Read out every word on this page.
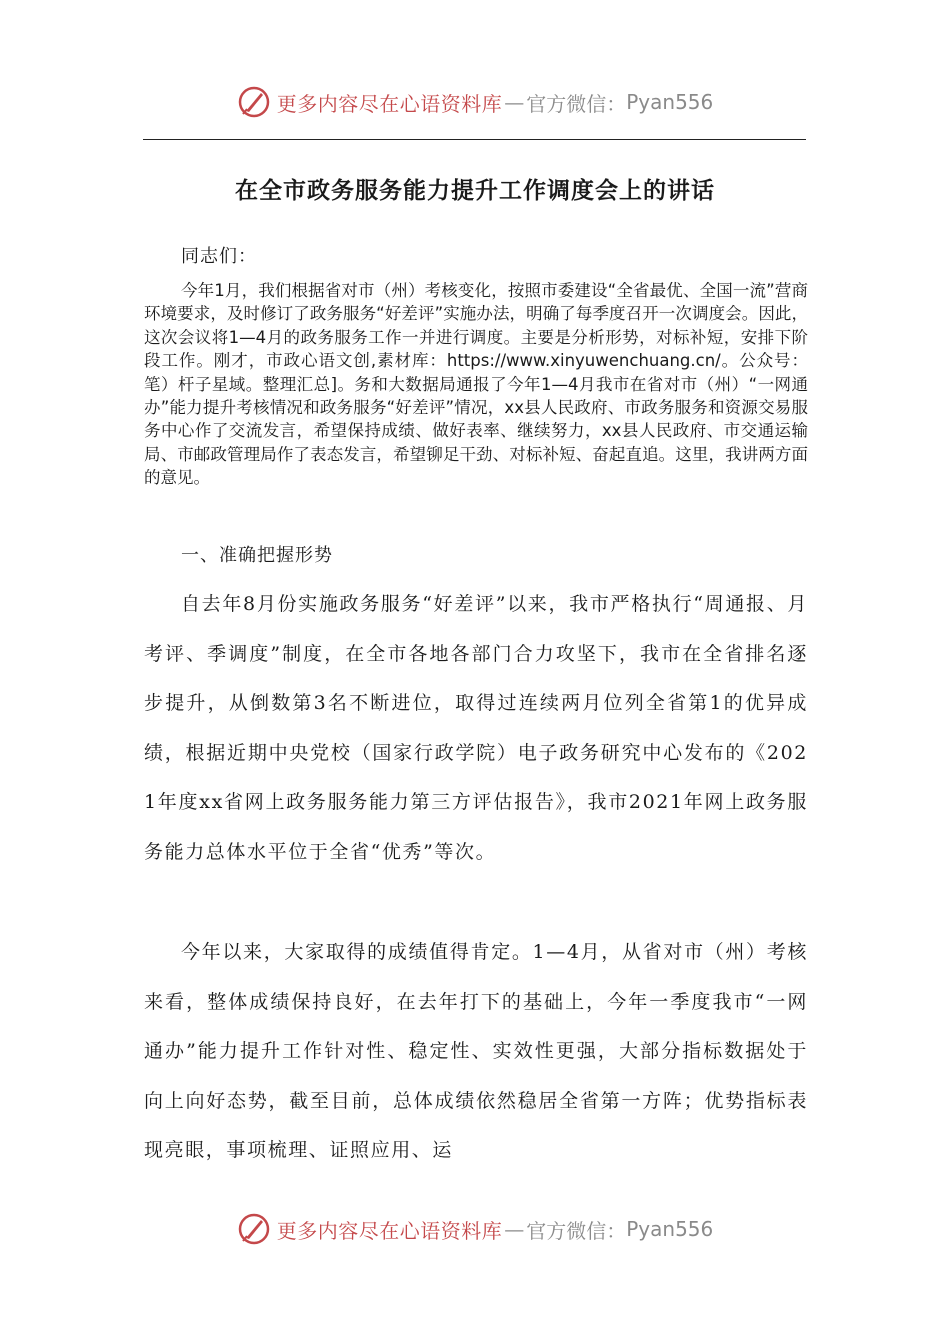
更多内容尽在心语资料库 — 官方微信： Pyan556
在全市政务服务能力提升工作调度会上的讲话
同志们：
今年1月，我们根据省对市（州）考核变化，按照市委建设“全省最优、全国一流”营商环境要求，及时修订了政务服务“好差评”实施办法，明确了每季度召开一次调度会。因此，这次会议将1—4月的政务服务工作一并进行调度。主要是分析形势，对标补短，安排下阶段工作。刚才，市政心语文创,素材库：https://www.xinyuwenchuang.cn/。公众号：笔）杆子星域。整理汇总]。务和大数据局通报了今年1—4月我市在省对市（州）“一网通办”能力提升考核情况和政务服务“好差评”情况，xx县人民政府、市政务服务和资源交易服务中心作了交流发言，希望保持成绩、做好表率、继续努力，xx县人民政府、市交通运输局、市邮政管理局作了表态发言，希望铆足干劲、对标补短、奋起直追。这里，我讲两方面的意见。
一、准确把握形势
自去年8月份实施政务服务“好差评”以来，我市严格执行“周通报、月考评、季调度”制度，在全市各地各部门合力攻坚下，我市在全省排名逐步提升，从倒数第3名不断进位，取得过连续两月位列全省第1的优异成绩，根据近期中央党校（国家行政学院）电子政务研究中心发布的《2021年度xx省网上政务服务能力第三方评估报告》，我市2021年网上政务服务能力总体水平位于全省“优秀”等次。
今年以来，大家取得的成绩值得肯定。1—4月，从省对市（州）考核来看，整体成绩保持良好，在去年打下的基础上，今年一季度我市“一网通办”能力提升工作针对性、稳定性、实效性更强，大部分指标数据处于向上向好态势，截至目前，总体成绩依然稳居全省第一方阵；优势指标表现亮眼，事项梳理、证照应用、运
更多内容尽在心语资料库 — 官方微信： Pyan556
